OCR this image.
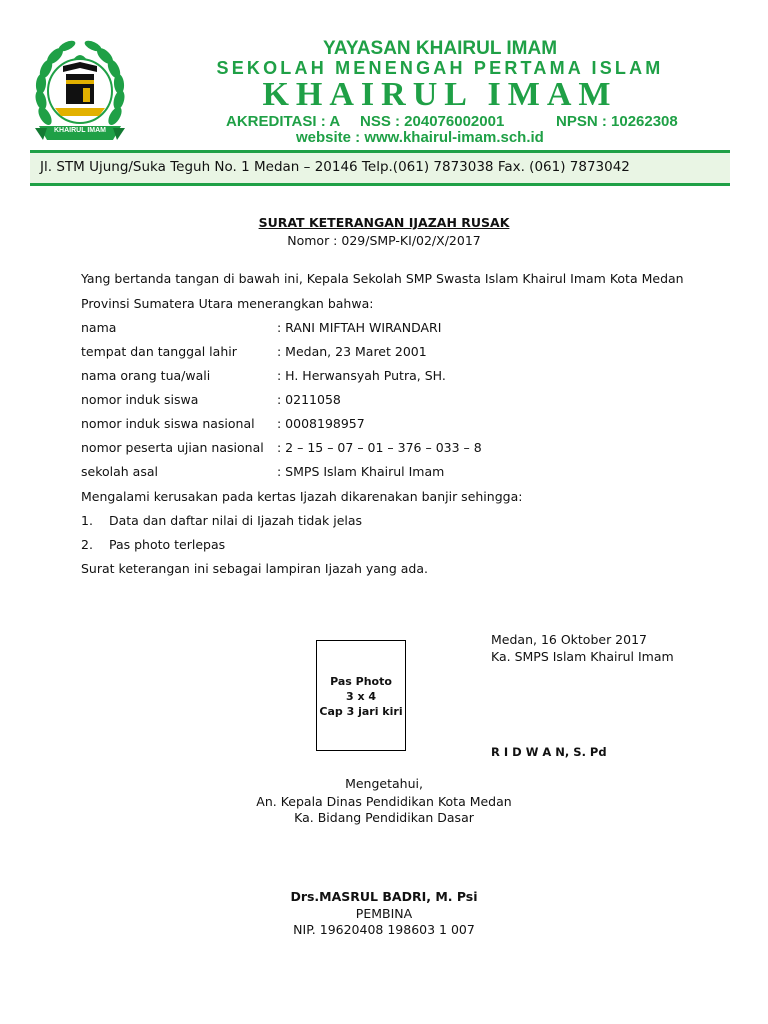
KHAIRUL IMAM
YAYASAN KHAIRUL IMAM
SEKOLAH MENENGAH PERTAMA ISLAM
KHAIRUL IMAM
AKREDITASI : A NSS : 204076002001	NPSN : 10262308
website : www.khairul-imam.sch.id
Jl. STM Ujung/Suka Teguh No. 1 Medan – 20146 Telp.(061) 7873038 Fax. (061) 7873042
SURAT KETERANGAN IJAZAH RUSAK
Nomor : 029/SMP-KI/02/X/2017
Yang bertanda tangan di bawah ini, Kepala Sekolah SMP Swasta Islam Khairul Imam Kota Medan
Provinsi Sumatera Utara menerangkan bahwa:
nama	: RANI MIFTAH WIRANDARI
tempat dan tanggal lahir	: Medan, 23 Maret 2001
nama orang tua/wali	: H. Herwansyah Putra, SH.
nomor induk siswa	: 0211058
nomor induk siswa nasional : 0008198957
nomor peserta ujian nasional : 2 – 15 – 07 – 01 – 376 – 033 – 8
sekolah asal	: SMPS Islam Khairul Imam
Mengalami kerusakan pada kertas Ijazah dikarenakan banjir sehingga:
1. Data dan daftar nilai di Ijazah tidak jelas
2. Pas photo terlepas
Surat keterangan ini sebagai lampiran Ijazah yang ada.
Medan, 16 Oktober 2017
Ka. SMPS Islam Khairul Imam
R I D W A N, S. Pd
Pas Photo
3 x 4
Cap 3 jari kiri
Mengetahui,
An. Kepala Dinas Pendidikan Kota Medan
Ka. Bidang Pendidikan Dasar
Drs.MASRUL BADRI, M. Psi
PEMBINA
NIP. 19620408 198603 1 007
